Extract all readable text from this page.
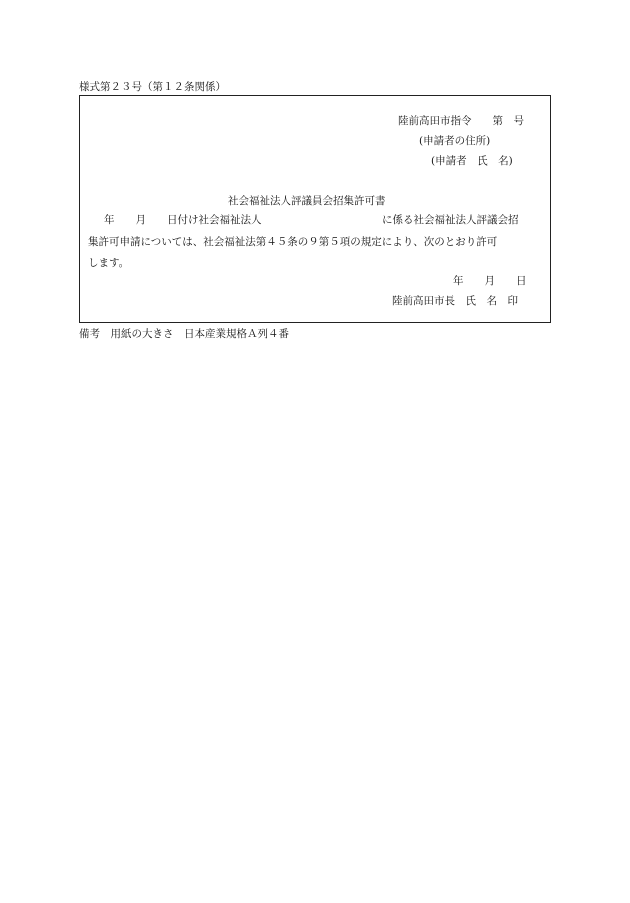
様式第２３号（第１２条関係）
陸前高田市指令　　第　号
(申請者の住所)
(申請者　氏　名)
社会福祉法人評議員会招集許可書
年　　月　　日付け社会福祉法人	に係る社会福祉法人評議会招
集許可申請については、社会福祉法第４５条の９第５項の規定により、次のとおり許可
します。
年　　月　　日
陸前高田市長　氏　名　印
備考　用紙の大きさ　日本産業規格Ａ列４番
